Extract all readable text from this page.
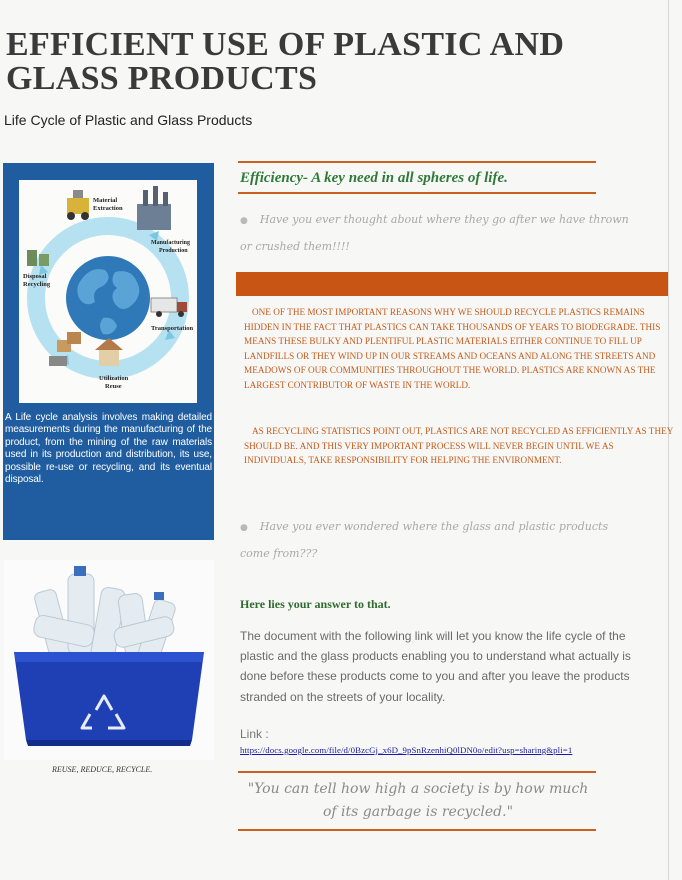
EFFICIENT USE OF PLASTIC AND
GLASS PRODUCTS
Life Cycle of Plastic and Glass Products
Material
Extraction
Manufacturing
Production
Transportation
Utilization
Reuse
Disposal
Recycling
A Life cycle analysis involves making detailed measurements during the manufacturing of the product, from the mining of the raw materials used in its production and distribution, its use, possible re-use or recycling, and its eventual disposal.
REUSE, REDUCE, RECYCLE.
Efficiency- A key need in all spheres of life.
● Have you ever thought about where they go after we have thrown or crushed them!!!!

ONE OF THE MOST IMPORTANT REASONS WHY WE SHOULD RECYCLE PLASTICS REMAINS HIDDEN IN THE FACT THAT PLASTICS CAN TAKE THOUSANDS OF YEARS TO BIODEGRADE. THIS MEANS THESE BULKY AND PLENTIFUL PLASTIC MATERIALS EITHER CONTINUE TO FILL UP LANDFILLS OR THEY WIND UP IN OUR STREAMS AND OCEANS AND ALONG THE STREETS AND MEADOWS OF OUR COMMUNITIES THROUGHOUT THE WORLD. PLASTICS ARE KNOWN AS THE LARGEST CONTRIBUTOR OF WASTE IN THE WORLD.

AS RECYCLING STATISTICS POINT OUT, PLASTICS ARE NOT RECYCLED AS EFFICIENTLY AS THEY SHOULD BE. AND THIS VERY IMPORTANT PROCESS WILL NEVER BEGIN UNTIL WE AS INDIVIDUALS, TAKE RESPONSIBILITY FOR HELPING THE ENVIRONMENT.

● Have you ever wondered where the glass and plastic products come from???
Here lies your answer to that.
The document with the following link will let you know the life cycle of the plastic and the glass products enabling you to understand what actually is done before these products come to you and after you leave the products stranded on the streets of your locality.
Link :
https://docs.google.com/file/d/0BzcGj_x6D_9pSnRzenhiQ0lDN0o/edit?usp=sharing&pli=1
"You can tell how high a society is by how much of its garbage is recycled."
